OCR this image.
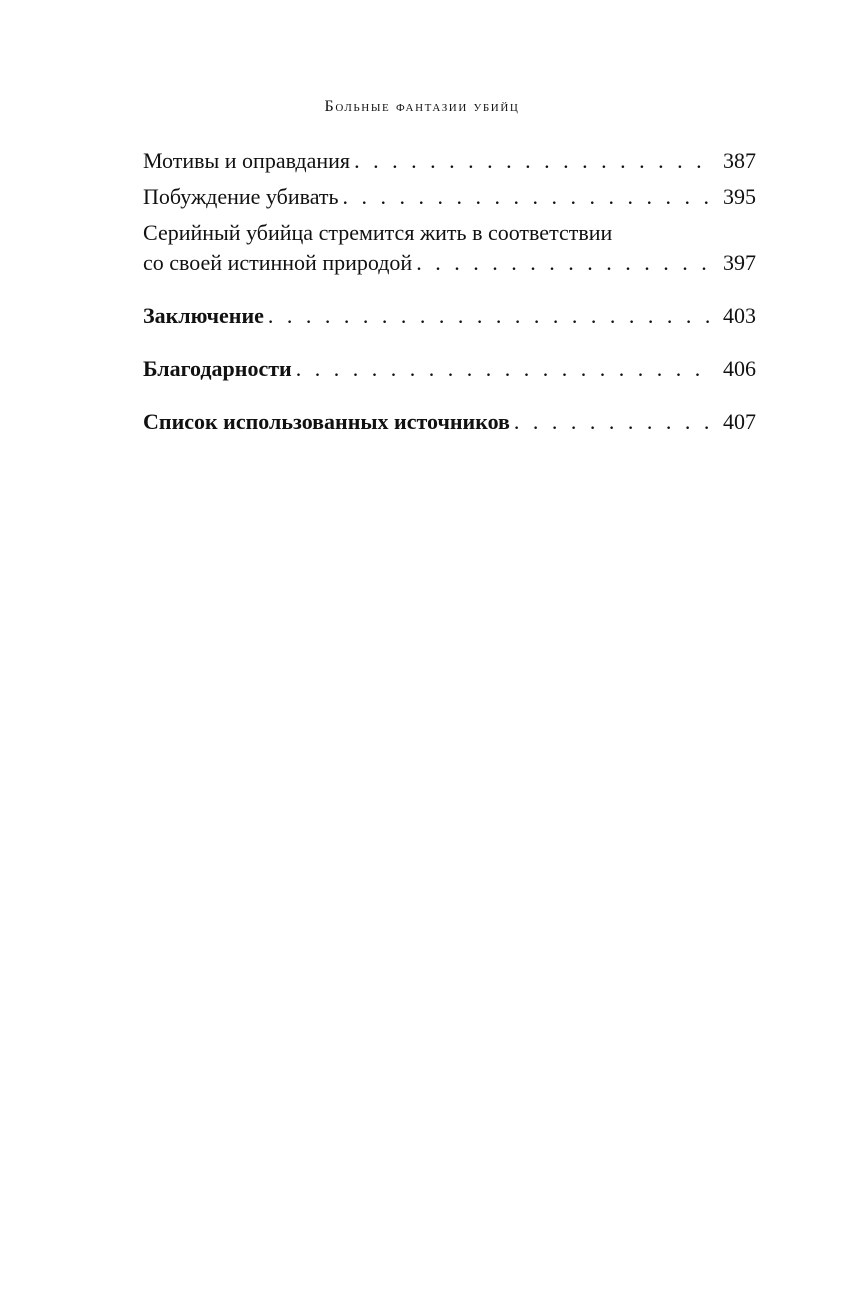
Больные фантазии убийц
Мотивы и оправдания . . .	387
Побуждение убивать . . .	395
Серийный убийца стремится жить в соответствии
со своей истинной природой . . .	397
Заключение . . .	403
Благодарности . . .	406
Список использованных источников . . .	407
